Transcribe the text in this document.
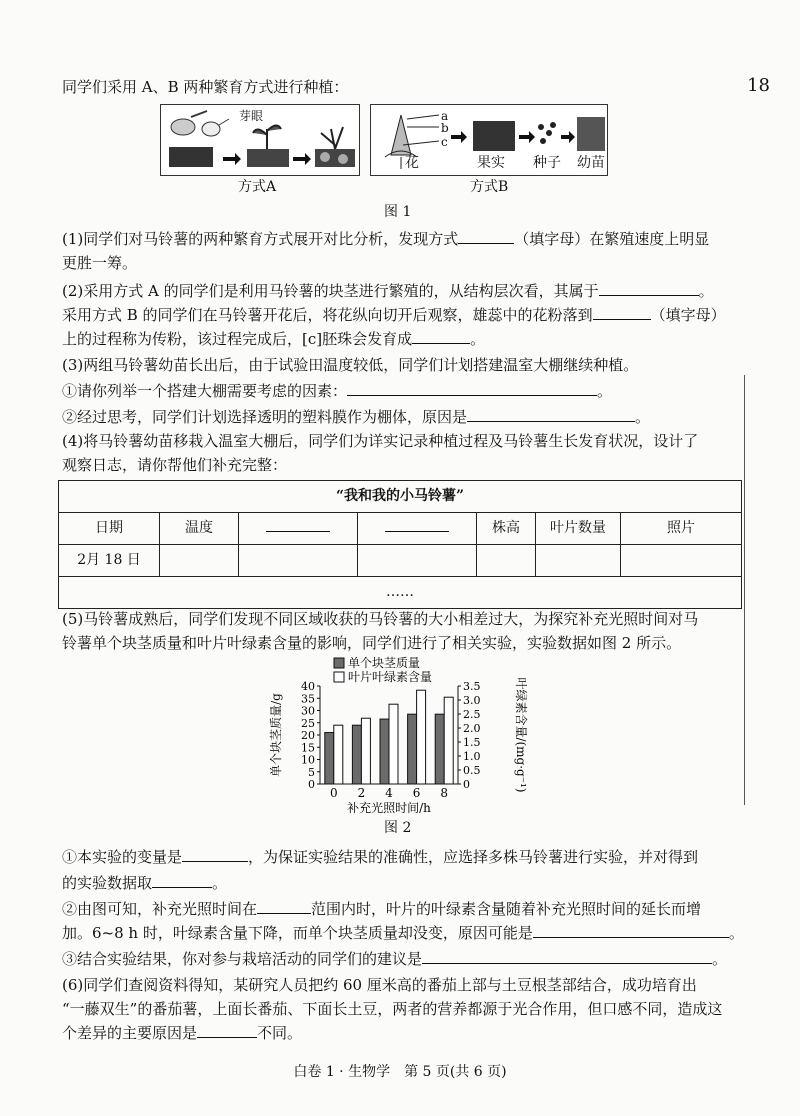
18
同学们采用 A、B 两种繁育方式进行种植：
芽眼
方式A
a
b
c
花	果实 种子 幼苗
方式B
图 1
(1)同学们对马铃薯的两种繁育方式展开对比分析，发现方式	（填字母）在繁殖速度上明显
更胜一筹。
(2)采用方式 A 的同学们是利用马铃薯的块茎进行繁殖的，从结构层次看，其属于	。
采用方式 B 的同学们在马铃薯开花后，将花纵向切开后观察，雄蕊中的花粉落到	（填字母）
上的过程称为传粉，该过程完成后，[c]胚珠会发育成	。
(3)两组马铃薯幼苗长出后，由于试验田温度较低，同学们计划搭建温室大棚继续种植。
①请你列举一个搭建大棚需要考虑的因素：	。
②经过思考，同学们计划选择透明的塑料膜作为棚体，原因是	。
(4)将马铃薯幼苗移栽入温室大棚后，同学们为详实记录种植过程及马铃薯生长发育状况，设计了
观察日志，请你帮他们补充完整：
“我和我的小马铃薯”						
日期	温度			株高	叶片数量	照片
2月 18 日						
……						
(5)马铃薯成熟后，同学们发现不同区域收获的马铃薯的大小相差过大，为探究补充光照时间对马
铃薯单个块茎质量和叶片叶绿素含量的影响，同学们进行了相关实验，实验数据如图 2 所示。
0
5
10
15
20
25
30
35
40
0
0.5
1.0
1.5
2.0
2.5
3.0
3.5
0 2 4 6 8
补充光照时间/h
单个块茎质量/g	叶绿素含量/(mg·g⁻¹)
单个块茎质量
叶片叶绿素含量
图 2
①本实验的变量是	，为保证实验结果的准确性，应选择多株马铃薯进行实验，并对得到
的实验数据取	。
②由图可知，补充光照时间在	范围内时，叶片的叶绿素含量随着补充光照时间的延长而增
加。6~8 h 时，叶绿素含量下降，而单个块茎质量却没变，原因可能是	。
③结合实验结果，你对参与栽培活动的同学们的建议是	。
(6)同学们查阅资料得知，某研究人员把约 60 厘米高的番茄上部与土豆根茎部结合，成功培育出
“一藤双生”的番茄薯，上面长番茄、下面长土豆，两者的营养都源于光合作用，但口感不同，造成这
个差异的主要原因是	不同。
白卷 1 · 生物学　第 5 页(共 6 页)
